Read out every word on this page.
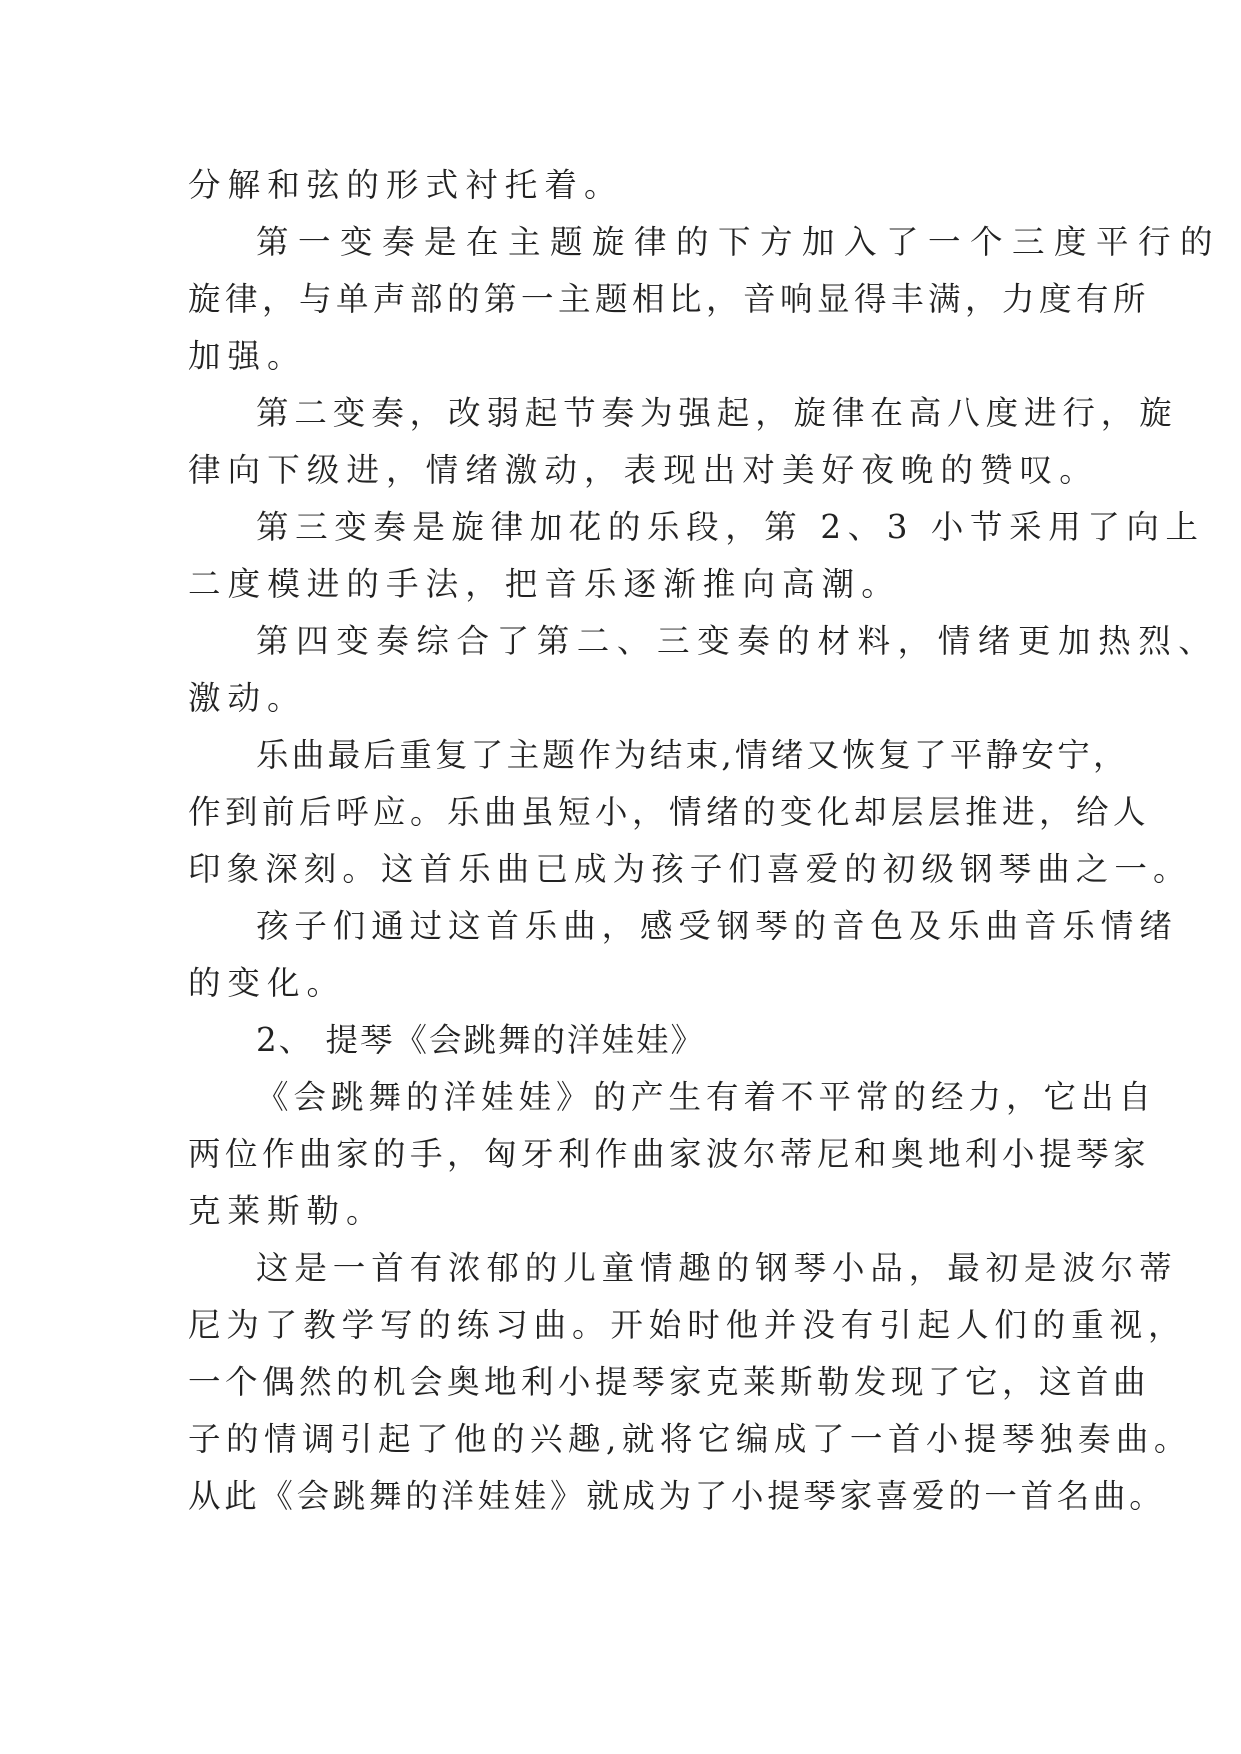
分解和弦的形式衬托着。
第一变奏是在主题旋律的下方加入了一个三度平行的
旋律，与单声部的第一主题相比，音响显得丰满，力度有所
加强。
第二变奏，改弱起节奏为强起，旋律在高八度进行，旋
律向下级进，情绪激动，表现出对美好夜晚的赞叹。
第三变奏是旋律加花的乐段，第 2、3 小节采用了向上
二度模进的手法，把音乐逐渐推向高潮。
第四变奏综合了第二、三变奏的材料，情绪更加热烈、
激动。
乐曲最后重复了主题作为结束,情绪又恢复了平静安宁，
作到前后呼应。乐曲虽短小，情绪的变化却层层推进，给人
印象深刻。这首乐曲已成为孩子们喜爱的初级钢琴曲之一。
孩子们通过这首乐曲，感受钢琴的音色及乐曲音乐情绪
的变化。
2、 提琴《会跳舞的洋娃娃》
《会跳舞的洋娃娃》的产生有着不平常的经力，它出自
两位作曲家的手，匈牙利作曲家波尔蒂尼和奥地利小提琴家
克莱斯勒。
这是一首有浓郁的儿童情趣的钢琴小品，最初是波尔蒂
尼为了教学写的练习曲。开始时他并没有引起人们的重视，
一个偶然的机会奥地利小提琴家克莱斯勒发现了它，这首曲
子的情调引起了他的兴趣,就将它编成了一首小提琴独奏曲。
从此《会跳舞的洋娃娃》就成为了小提琴家喜爱的一首名曲。
